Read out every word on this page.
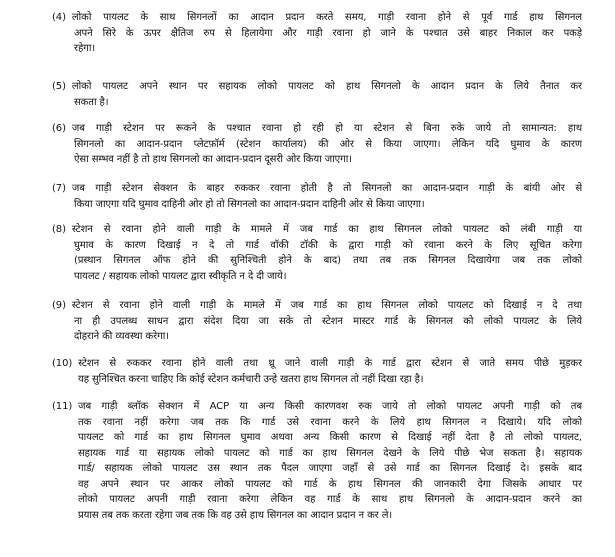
(4) लोको पायलट के साथ सिगनलों का आदान प्रदान करते समय, गाड़ी रवाना होने से पूर्व गार्ड हाथ सिगनल
अपने सिरे के ऊपर क्षैतिज रुप से हिलायेगा और गाड़ी रवाना हो जाने के पश्चात उसे बाहर निकाल कर पकड़े
रहेगा।
(5) लोको पायलट अपने स्थान पर सहायक लोको पायलट को हाथ सिगनलो के आदान प्रदान के लिये तैनात कर
सकता है।
(6) जब गाड़ी स्टेशन पर रूकने के पश्चात रवाना हो रही हो या स्टेशन से बिना रुके जाये तो सामान्यत: हाथ
सिगनलो का आदान-प्रदान प्लेटफ़ॉर्म (स्टेशन कार्यालय) की ओर से किया जाएगा। लेकिन यदि घुमाव के कारण
ऐसा सम्भव नहीं है तो हाथ सिगनलो का आदान-प्रदान दूसरी ओर किया जाएगा।
(7) जब गाड़ी स्टेशन सेक्शन के बाहर रुककर रवाना होती है तो सिगनलो का आदान-प्रदान गाड़ी के बांयी ओर से
किया जाएगा यदि घुमाव दाहिनी ओर हो तो सिगनलो का आदान-प्रदान दाहिनी ओर से किया जाएगा।
(8) स्टेशन से रवाना होने वाली गाड़ी के मामले में जब गार्ड का हाथ सिगनल लोको पायलट को लंबी गाड़ी या
घुमाव के कारण दिखाई न दे तो गार्ड वॉकी टॉकी के द्वारा गाड़ी को रवाना करने के लिए सूचित करेगा
(प्रस्थान सिगनल ऑफ होने की सुनिश्चिती होने के बाद) तथा तब तक सिगनल दिखायेगा जब तक लोको
पायलट / सहायक लोको पायलट द्वारा स्वीकृति न दे दी जाये।
(9) स्टेशन से रवाना होने वाली गाड़ी के मामले में जब गार्ड का हाथ सिगनल लोको पायलट को दिखाई न दे तथा
ना ही उपलब्ध साधन द्वारा संदेश दिया जा सके तो स्टेशन मास्टर गार्ड के सिगनल को लोको पायलट के लिये
दोहराने की व्यवस्था करेगा।
(10) स्टेशन से रुककर रवाना होने वाली तथा थ्रू जाने वाली गाड़ी के गार्ड द्वारा स्टेशन से जाते समय पीछे मुड़कर
यह सुनिश्चित करना चाहिए कि कोई स्टेशन कर्मचारी उन्हे खतरा हाथ सिगनल तो नहीं दिखा रहा है।
(11) जब गाड़ी ब्लॉक सेक्शन में ACP या अन्य किसी कारणवश रुक जाये तो लोको पायलट अपनी गाड़ी को तब
तक रवाना नहीं करेगा जब तक कि गार्ड उसे रवाना करने के लिये हाथ सिगनल न दिखाये। यदि लोको
पायलट को गार्ड का हाथ सिगनल घुमाव अथवा अन्य किसी कारण से दिखाई नहीं देता है तो लोको पायलट,
सहायक गार्ड या सहायक लोको पायलट को गार्ड का हाथ सिगनल देखने के लिये पीछे भेज सकता है। सहायक
गार्ड/ सहायक लोको पायलट उस स्थान तक पैदल जाएगा जहाँ से उसे गार्ड का सिगनल दिखाई दे। इसके बाद
वह अपने स्थान पर आकर लोको पायलट को गार्ड के हाथ सिगनल की जानकारी देगा जिसके आधार पर
लोको पायलट अपनी गाड़ी रवाना करेगा लेकिन वह गार्ड के साथ हाथ सिगनलो के आदान-प्रदान करने का
प्रयास तब तक करता रहेगा जब तक कि वह उसे हाथ सिगनल का आदान प्रदान न कर ले।
